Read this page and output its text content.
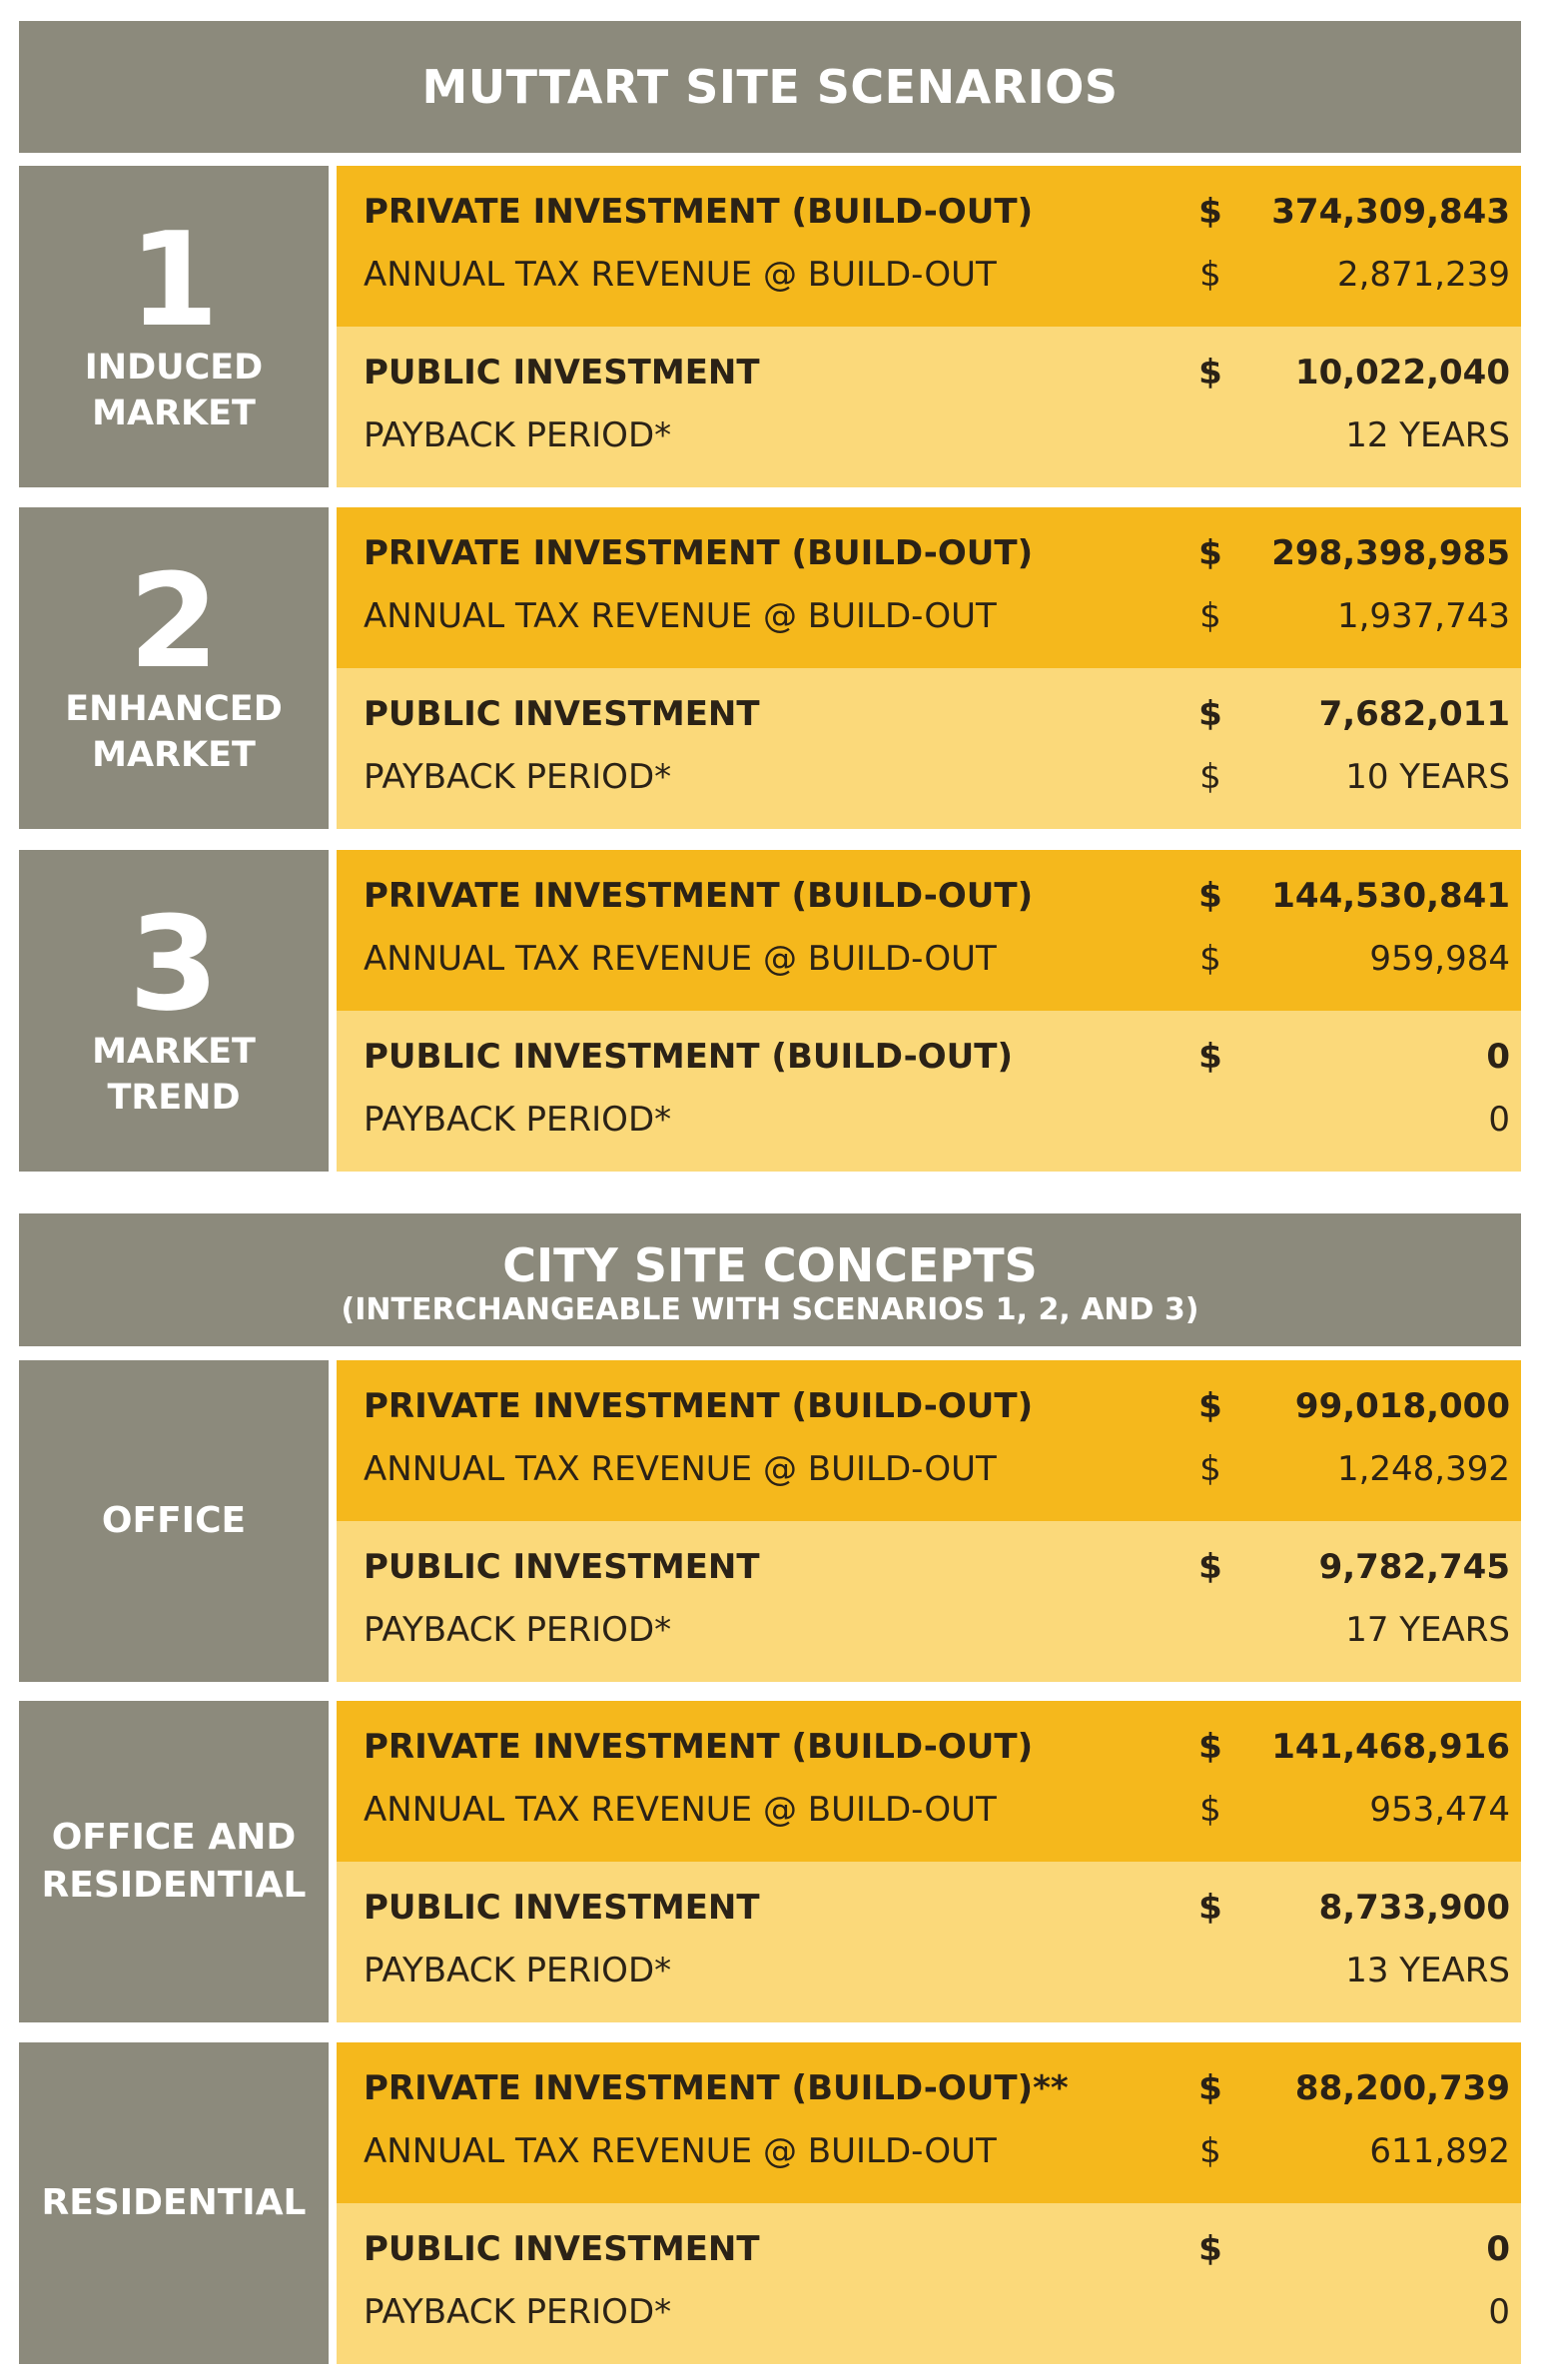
MUTTART SITE SCENARIOS
1
INDUCED
MARKET
PRIVATE INVESTMENT (BUILD-OUT)	$ 374,309,843
ANNUAL TAX REVENUE @ BUILD-OUT	$	2,871,239
PUBLIC INVESTMENT	$ 10,022,040
PAYBACK PERIOD*	12 YEARS
2
ENHANCED
MARKET
PRIVATE INVESTMENT (BUILD-OUT)	$ 298,398,985
ANNUAL TAX REVENUE @ BUILD-OUT	$	1,937,743
PUBLIC INVESTMENT	$	7,682,011
PAYBACK PERIOD*	$	10 YEARS
3
MARKET
TREND
PRIVATE INVESTMENT (BUILD-OUT)	$ 144,530,841
ANNUAL TAX REVENUE @ BUILD-OUT	$	959,984
PUBLIC INVESTMENT (BUILD-OUT)	$	0
PAYBACK PERIOD*	0
CITY SITE CONCEPTS
(INTERCHANGEABLE WITH SCENARIOS 1, 2, AND 3)
OFFICE
PRIVATE INVESTMENT (BUILD-OUT)	$ 99,018,000
ANNUAL TAX REVENUE @ BUILD-OUT	$	1,248,392
PUBLIC INVESTMENT	$	9,782,745
PAYBACK PERIOD*	17 YEARS
OFFICE AND
RESIDENTIAL
PRIVATE INVESTMENT (BUILD-OUT)	$ 141,468,916
ANNUAL TAX REVENUE @ BUILD-OUT	$	953,474
PUBLIC INVESTMENT	$	8,733,900
PAYBACK PERIOD*	13 YEARS
RESIDENTIAL
PRIVATE INVESTMENT (BUILD-OUT)**	$ 88,200,739
ANNUAL TAX REVENUE @ BUILD-OUT	$	611,892
PUBLIC INVESTMENT	$	0
PAYBACK PERIOD*	0
